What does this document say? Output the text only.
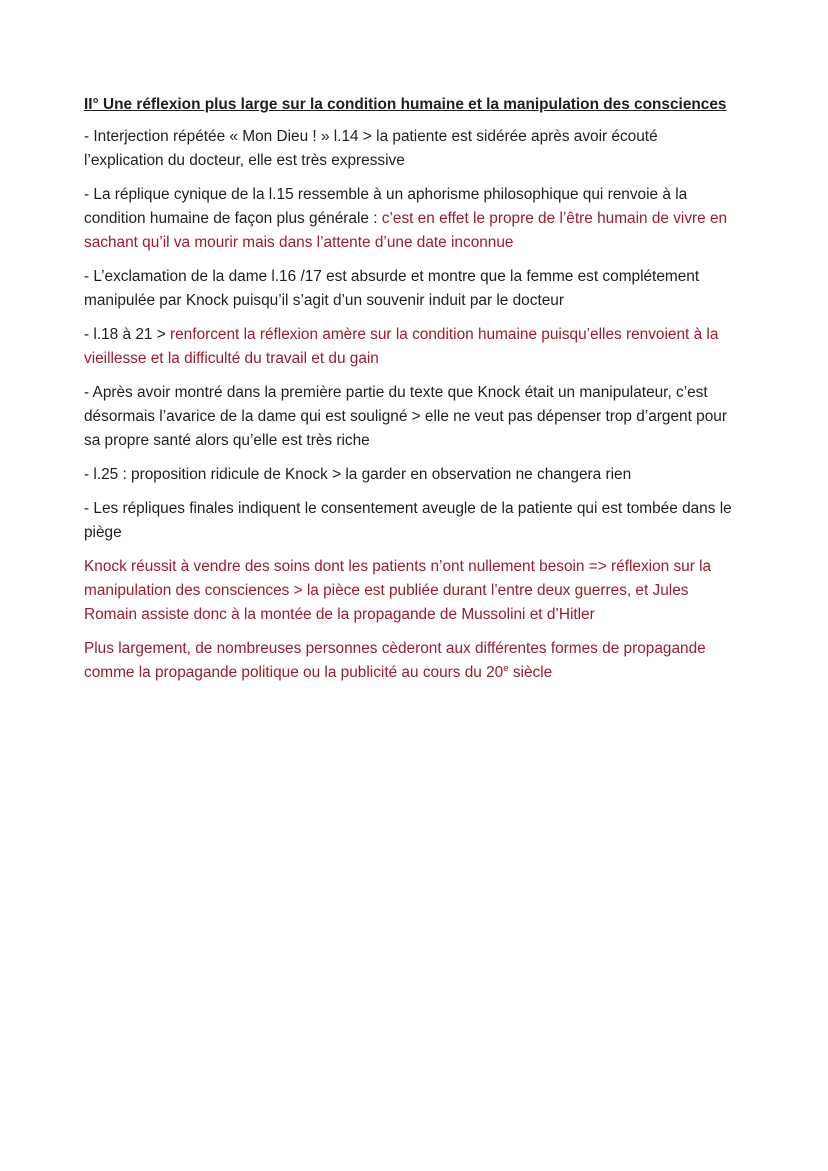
II° Une réflexion plus large sur la condition humaine et la manipulation des consciences

- Interjection répétée « Mon Dieu ! » l.14 > la patiente est sidérée après avoir écouté l’explication du docteur, elle est très expressive

- La réplique cynique de la l.15 ressemble à un aphorisme philosophique qui renvoie à la condition humaine de façon plus générale : c’est en effet le propre de l’être humain de vivre en sachant qu’il va mourir mais dans l’attente d’une date inconnue

- L’exclamation de la dame l.16 /17 est absurde et montre que la femme est complétement manipulée par Knock puisqu’il s’agit d’un souvenir induit par le docteur

- l.18 à 21 > renforcent la réflexion amère sur la condition humaine puisqu’elles renvoient à la vieillesse et la difficulté du travail et du gain

- Après avoir montré dans la première partie du texte que Knock était un manipulateur, c’est désormais l’avarice de la dame qui est souligné > elle ne veut pas dépenser trop d’argent pour sa propre santé alors qu’elle est très riche

- l.25 : proposition ridicule de Knock > la garder en observation ne changera rien

- Les répliques finales indiquent le consentement aveugle de la patiente qui est tombée dans le piège

Knock réussit à vendre des soins dont les patients n’ont nullement besoin => réflexion sur la manipulation des consciences > la pièce est publiée durant l’entre deux guerres, et Jules Romain assiste donc à la montée de la propagande de Mussolini et d’Hitler

Plus largement, de nombreuses personnes cèderont aux différentes formes de propagande comme la propagande politique ou la publicité au cours du 20e siècle
